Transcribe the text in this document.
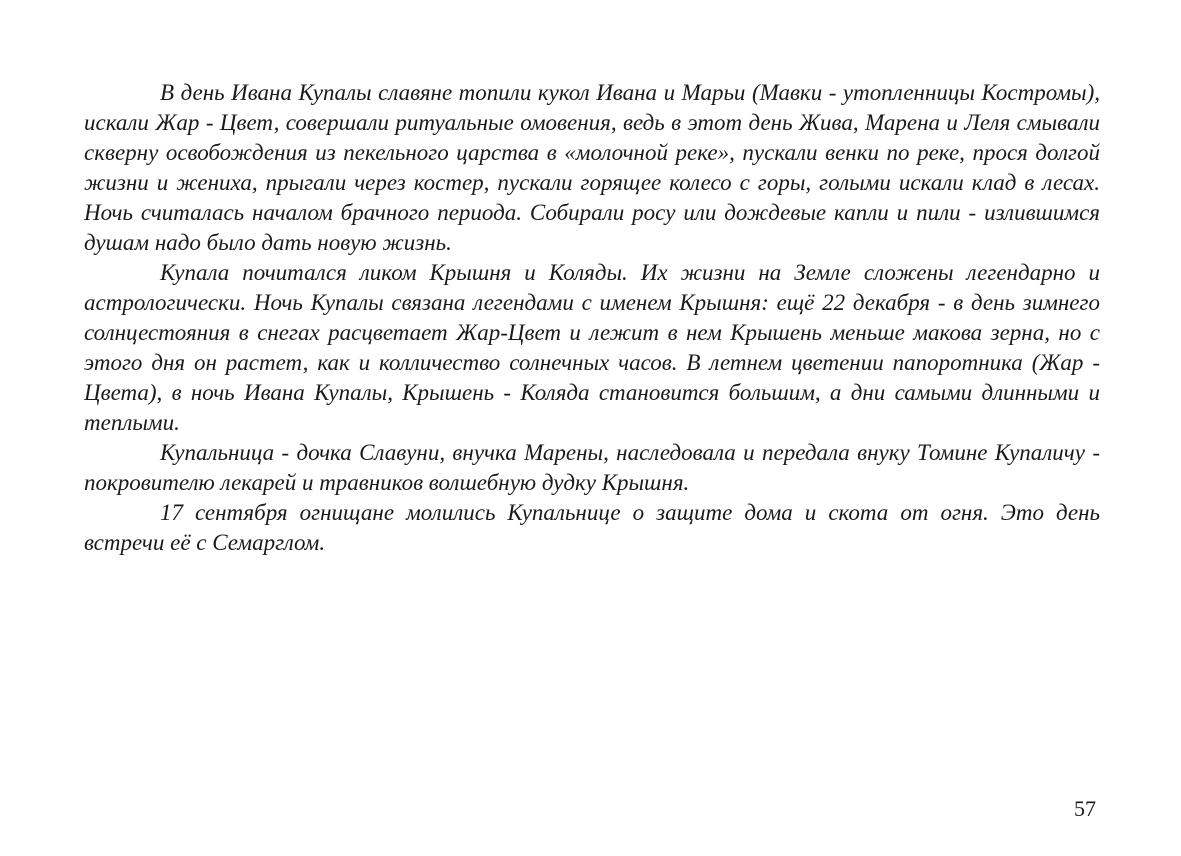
В день Ивана Купалы славяне топили кукол Ивана и Марьи (Мавки - утопленницы Костромы), искали Жар - Цвет, совершали ритуальные омовения, ведь в этот день Жива, Марена и Леля смывали скверну освобождения из пекельного царства в «молочной реке», пускали венки по реке, прося долгой жизни и жениха, прыгали через костер, пускали горящее колесо с горы, голыми искали клад в лесах. Ночь считалась началом брачного периода. Собирали росу или дождевые капли и пили - излившимся душам надо было дать новую жизнь.

Купала почитался ликом Крышня и Коляды. Их жизни на Земле сложены легендарно и астрологически. Ночь Купалы связана легендами с именем Крышня: ещё 22 декабря - в день зимнего солнцестояния в снегах расцветает Жар-Цвет и лежит в нем Крышень меньше макова зерна, но с этого дня он растет, как и колличество солнечных часов. В летнем цветении папоротника (Жар - Цвета), в ночь Ивана Купалы, Крышень - Коляда становится большим, а дни самыми длинными и теплыми.

Купальница - дочка Славуни, внучка Марены, наследовала и передала внуку Томине Купаличу - покровителю лекарей и травников волшебную дудку Крышня.

17 сентября огнищане молились Купальнице о защите дома и скота от огня. Это день встречи её с Семарглом.

57
